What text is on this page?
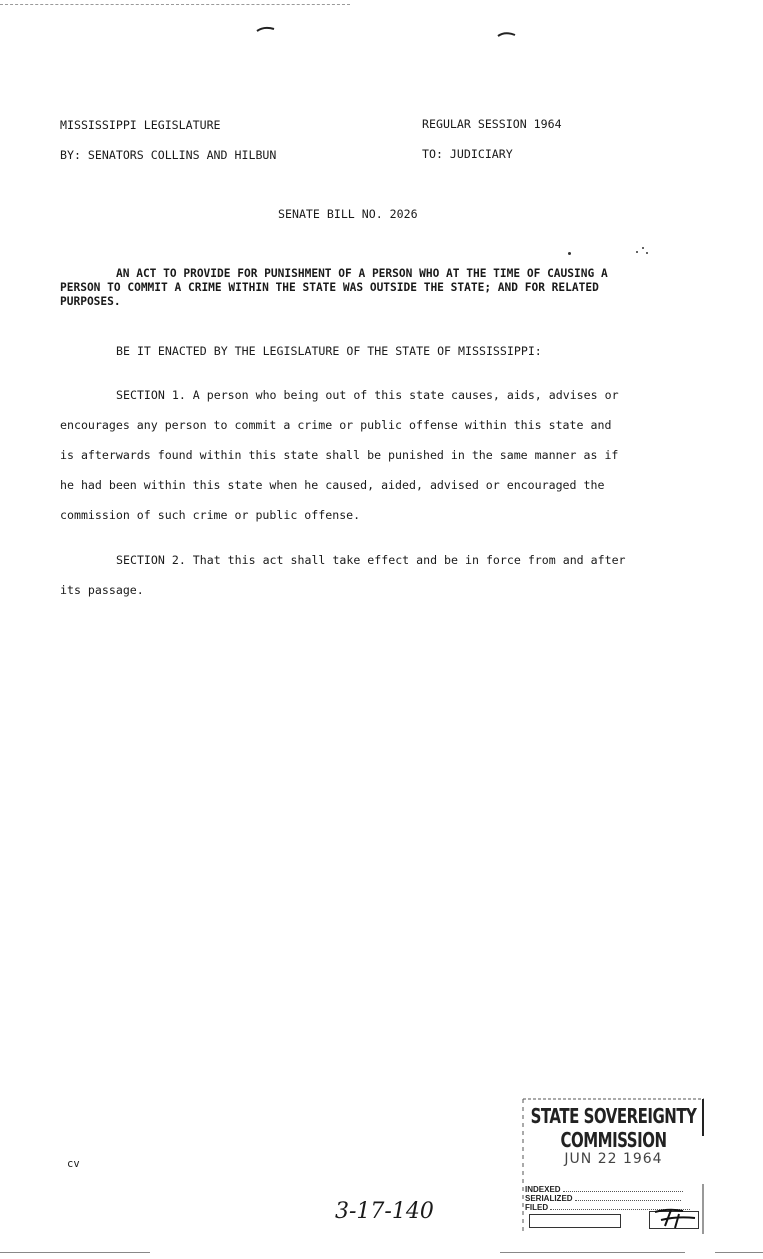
MISSISSIPPI LEGISLATURE	REGULAR SESSION 1964
BY: SENATORS COLLINS AND HILBUN	TO: JUDICIARY
SENATE BILL NO. 2026
AN ACT TO PROVIDE FOR PUNISHMENT OF A PERSON WHO AT THE TIME OF CAUSING A
PERSON TO COMMIT A CRIME WITHIN THE STATE WAS OUTSIDE THE STATE; AND FOR RELATED
PURPOSES.
BE IT ENACTED BY THE LEGISLATURE OF THE STATE OF MISSISSIPPI:
SECTION 1. A person who being out of this state causes, aids, advises or
encourages any person to commit a crime or public offense within this state and
is afterwards found within this state shall be punished in the same manner as if
he had been within this state when he caused, aided, advised or encouraged the
commission of such crime or public offense.
SECTION 2. That this act shall take effect and be in force from and after
its passage.
cv
3-17-140
STATE SOVEREIGNTY COMMISSION
JUN 22 1964
INDEXED
SERIALIZED
FILED
